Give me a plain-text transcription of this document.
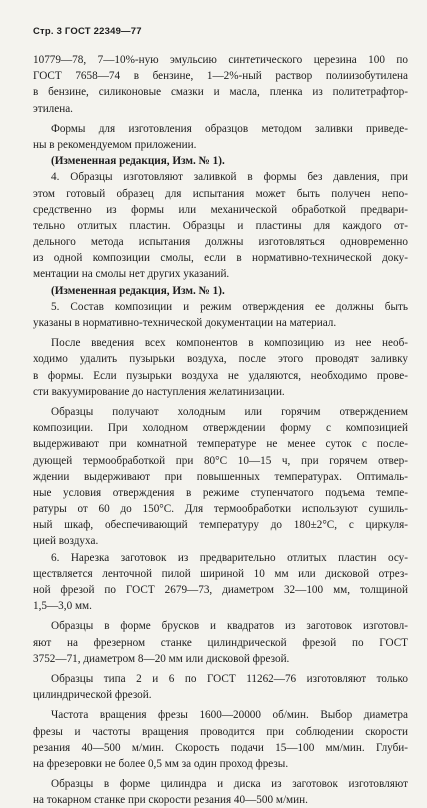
Стр. 3 ГОСТ 22349—77
10779—78, 7—10%-ную эмульсию синтетического церезина 100 по
ГОСТ 7658—74 в бензине, 1—2%-ный раствор полиизобутилена
в бензине, силиконовые смазки и масла, пленка из политетрафтор-
этилена.
Формы для изготовления образцов методом заливки приведе-
ны в рекомендуемом приложении.
(Измененная редакция, Изм. № 1).
4. Образцы изготовляют заливкой в формы без давления, при
этом готовый образец для испытания может быть получен непо-
средственно из формы или механической обработкой предвари-
тельно отлитых пластин. Образцы и пластины для каждого от-
дельного метода испытания должны изготовляться одновременно
из одной композиции смолы, если в нормативно-технической доку-
ментации на смолы нет других указаний.
(Измененная редакция, Изм. № 1).
5. Состав композиции и режим отверждения ее должны быть
указаны в нормативно-технической документации на материал.
После введения всех компонентов в композицию из нее необ-
ходимо удалить пузырьки воздуха, после этого проводят заливку
в формы. Если пузырьки воздуха не удаляются, необходимо прове-
сти вакуумирование до наступления желатинизации.
Образцы получают холодным или горячим отверждением
композиции. При холодном отверждении форму с композицией
выдерживают при комнатной температуре не менее суток с после-
дующей термообработкой при 80°С 10—15 ч, при горячем отвер-
ждении выдерживают при повышенных температурах. Оптималь-
ные условия отверждения в режиме ступенчатого подъема темпе-
ратуры от 60 до 150°С. Для термообработки используют сушиль-
ный шкаф, обеспечивающий температуру до 180±2°С, с циркуля-
цией воздуха.
6. Нарезка заготовок из предварительно отлитых пластин осу-
ществляется ленточной пилой шириной 10 мм или дисковой отрез-
ной фрезой по ГОСТ 2679—73, диаметром 32—100 мм, толщиной
1,5—3,0 мм.
Образцы в форме брусков и квадратов из заготовок изготовл-
яют на фрезерном станке цилиндрической фрезой по ГОСТ
3752—71, диаметром 8—20 мм или дисковой фрезой.
Образцы типа 2 и 6 по ГОСТ 11262—76 изготовляют только
цилиндрической фрезой.
Частота вращения фрезы 1600—20000 об/мин. Выбор диаметра
фрезы и частоты вращения проводится при соблюдении скорости
резания 40—500 м/мин. Скорость подачи 15—100 мм/мин. Глуби-
на фрезеровки не более 0,5 мм за один проход фрезы.
Образцы в форме цилиндра и диска из заготовок изготовляют
на токарном станке при скорости резания 40—500 м/мин.
